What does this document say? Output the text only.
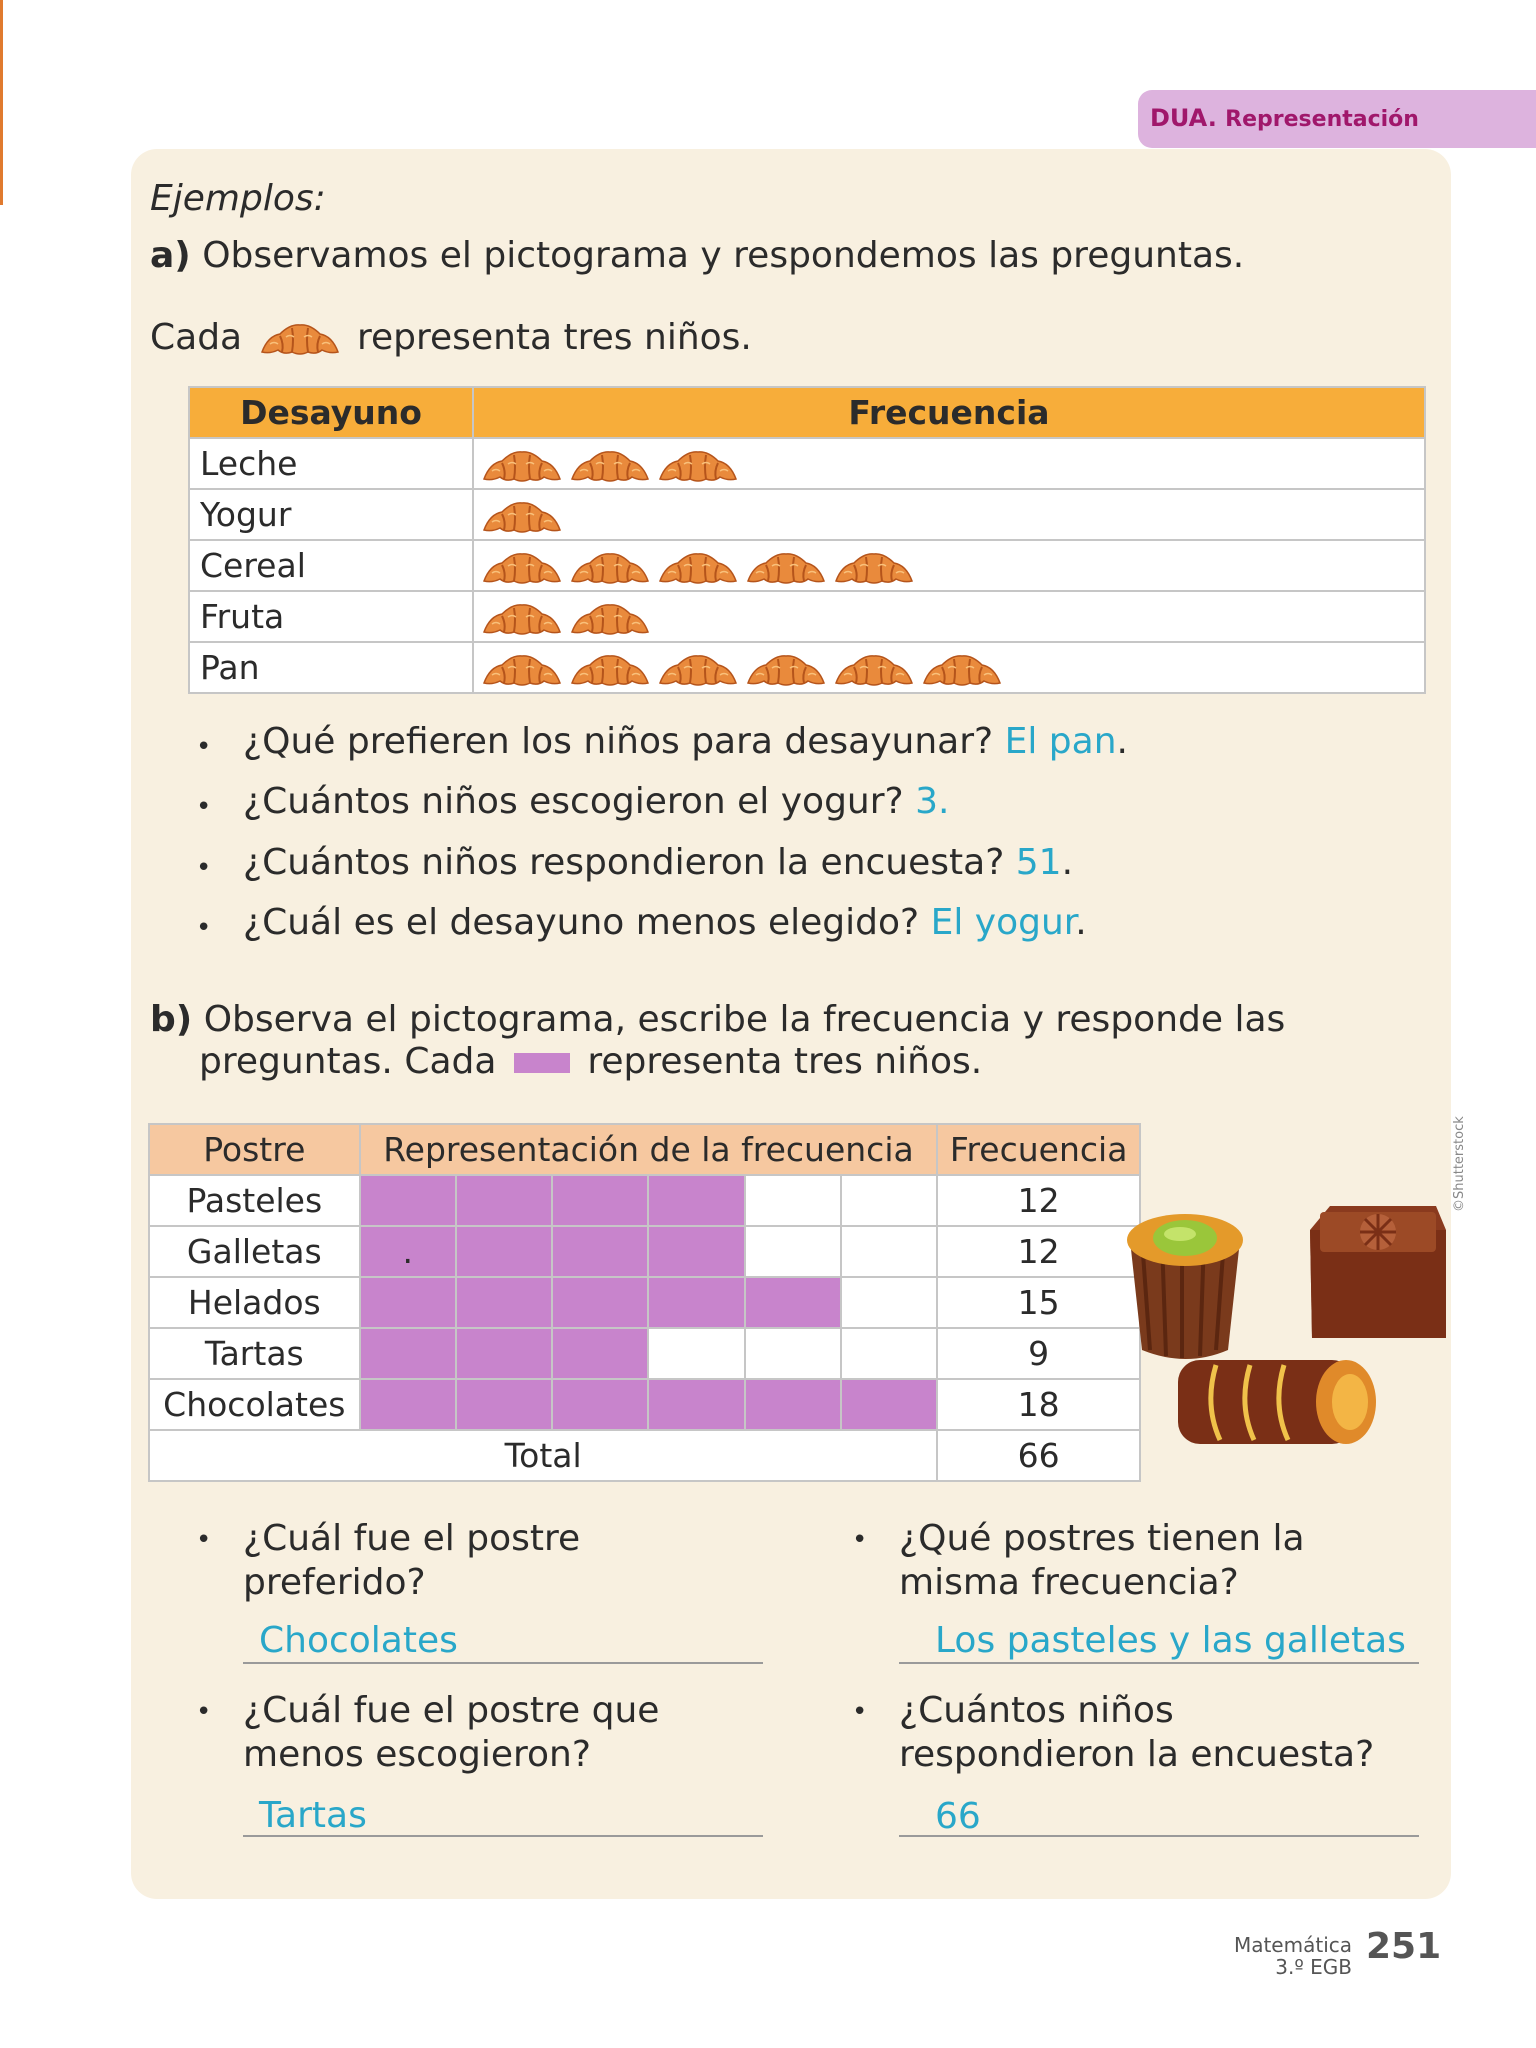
DUA. Representación
Ejemplos:
a) Observamos el pictograma y respondemos las preguntas.
Cada	representa tres niños.
Desayuno	Frecuencia
Leche	
Yogur	
Cereal	
Fruta	
Pan	
• ¿Qué prefieren los niños para desayunar? El pan.
• ¿Cuántos niños escogieron el yogur? 3.
• ¿Cuántos niños respondieron la encuesta? 51.
• ¿Cuál es el desayuno menos elegido? El yogur.
b) Observa el pictograma, escribe la frecuencia y responde las
preguntas. Cada	representa tres niños.
Postre	Representación de la frecuencia						Frecuencia
Pasteles							12
Galletas	.						12
Helados							15
Tartas							9
Chocolates							18
Total							66
©Shutterstock
• ¿Cuál fue el postre preferido?
Chocolates
• ¿Qué postres tienen la misma frecuencia?
Los pasteles y las galletas
• ¿Cuál fue el postre que menos escogieron?
Tartas
• ¿Cuántos niños respondieron la encuesta?
66
Matemática
3.º EGB 251
